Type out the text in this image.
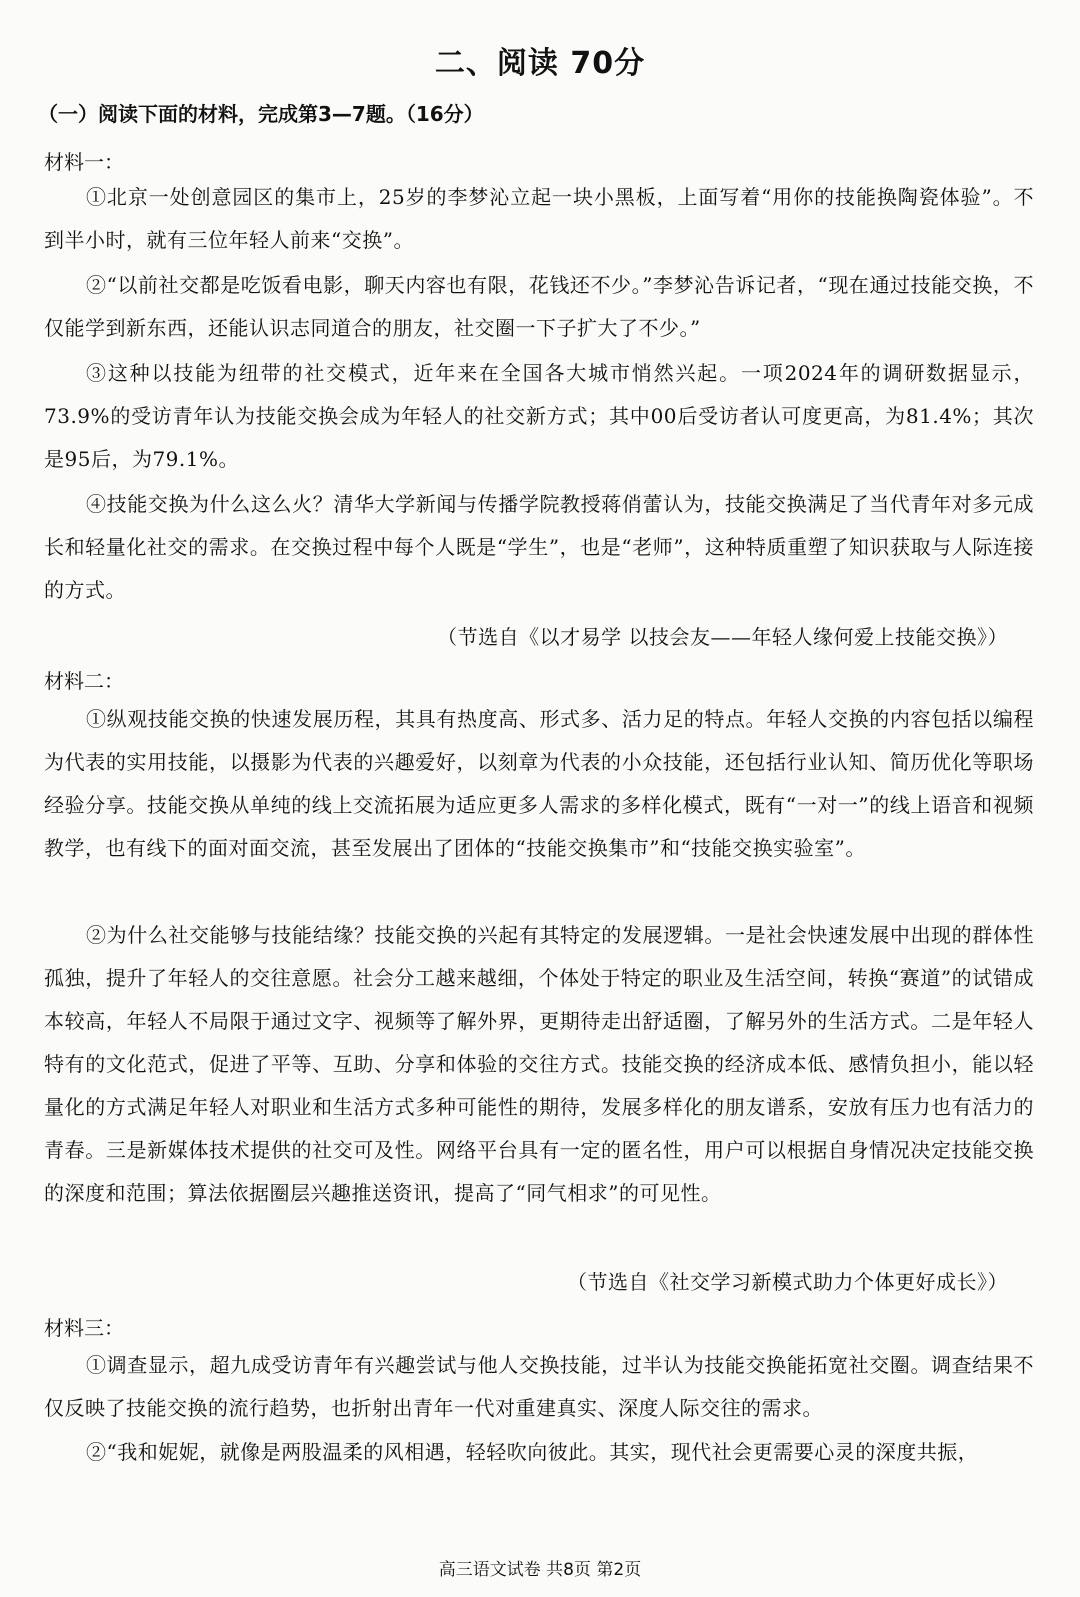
二、阅读 70分
（一）阅读下面的材料，完成第3—7题。（16分）
材料一：

①北京一处创意园区的集市上，25岁的李梦沁立起一块小黑板，上面写着“用你的技能换陶瓷体验”。不到半小时，就有三位年轻人前来“交换”。

②“以前社交都是吃饭看电影，聊天内容也有限，花钱还不少。”李梦沁告诉记者，“现在通过技能交换，不仅能学到新东西，还能认识志同道合的朋友，社交圈一下子扩大了不少。”

③这种以技能为纽带的社交模式，近年来在全国各大城市悄然兴起。一项2024年的调研数据显示，73.9%的受访青年认为技能交换会成为年轻人的社交新方式；其中00后受访者认可度更高，为81.4%；其次是95后，为79.1%。

④技能交换为什么这么火？清华大学新闻与传播学院教授蒋俏蕾认为，技能交换满足了当代青年对多元成长和轻量化社交的需求。在交换过程中每个人既是“学生”，也是“老师”，这种特质重塑了知识获取与人际连接的方式。

（节选自《以才易学 以技会友——年轻人缘何爱上技能交换》）
材料二：

①纵观技能交换的快速发展历程，其具有热度高、形式多、活力足的特点。年轻人交换的内容包括以编程为代表的实用技能，以摄影为代表的兴趣爱好，以刻章为代表的小众技能，还包括行业认知、简历优化等职场经验分享。技能交换从单纯的线上交流拓展为适应更多人需求的多样化模式，既有“一对一”的线上语音和视频教学，也有线下的面对面交流，甚至发展出了团体的“技能交换集市”和“技能交换实验室”。

②为什么社交能够与技能结缘？技能交换的兴起有其特定的发展逻辑。一是社会快速发展中出现的群体性孤独，提升了年轻人的交往意愿。社会分工越来越细，个体处于特定的职业及生活空间，转换“赛道”的试错成本较高，年轻人不局限于通过文字、视频等了解外界，更期待走出舒适圈，了解另外的生活方式。二是年轻人特有的文化范式，促进了平等、互助、分享和体验的交往方式。技能交换的经济成本低、感情负担小，能以轻量化的方式满足年轻人对职业和生活方式多种可能性的期待，发展多样化的朋友谱系，安放有压力也有活力的青春。三是新媒体技术提供的社交可及性。网络平台具有一定的匿名性，用户可以根据自身情况决定技能交换的深度和范围；算法依据圈层兴趣推送资讯，提高了“同气相求”的可见性。

（节选自《社交学习新模式助力个体更好成长》）
材料三：

①调查显示，超九成受访青年有兴趣尝试与他人交换技能，过半认为技能交换能拓宽社交圈。调查结果不仅反映了技能交换的流行趋势，也折射出青年一代对重建真实、深度人际交往的需求。

②“我和妮妮，就像是两股温柔的风相遇，轻轻吹向彼此。其实，现代社会更需要心灵的深度共振，

高三语文试卷 共8页 第2页
